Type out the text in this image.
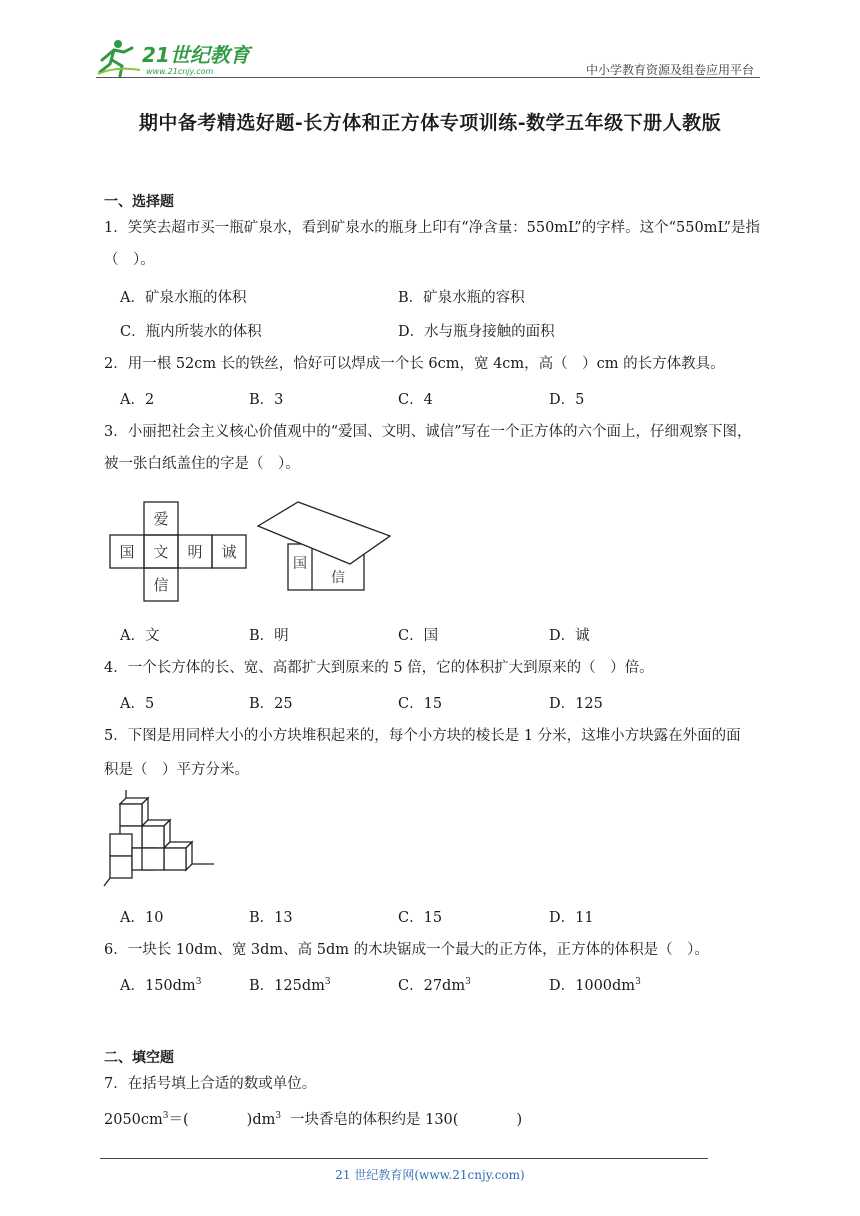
21世纪教育
www.21cnjy.com	中小学教育资源及组卷应用平台
期中备考精选好题-长方体和正方体专项训练-数学五年级下册人教版
一、选择题
1．笑笑去超市买一瓶矿泉水，看到矿泉水的瓶身上印有“净含量：550mL”的字样。这个“550mL”是指
（　）。
A．矿泉水瓶的体积	B．矿泉水瓶的容积
C．瓶内所装水的体积	D．水与瓶身接触的面积
2．用一根 52cm 长的铁丝，恰好可以焊成一个长 6cm，宽 4cm，高（　）cm 的长方体教具。
A．2	B．3	C．4	D．5
3．小丽把社会主义核心价值观中的“爱国、文明、诚信”写在一个正方体的六个面上，仔细观察下图，
被一张白纸盖住的字是（　）。
爱
国 文 明 诚
信
国
信
A．文	B．明	C．国	D．诚
4．一个长方体的长、宽、高都扩大到原来的 5 倍，它的体积扩大到原来的（　）倍。
A．5	B．25	C．15	D．125
5．下图是用同样大小的小方块堆积起来的，每个小方块的棱长是 1 分米，这堆小方块露在外面的面
积是（　）平方分米。
A．10	B．13	C．15	D．11
6．一块长 10dm、宽 3dm、高 5dm 的木块锯成一个最大的正方体，正方体的体积是（　）。
A．$150dm^3$	B．$125dm^3$	C．$27dm^3$	D．$1000dm^3$
二、填空题
7．在括号填上合适的数或单位。
$2050cm^3=$(　　　　)$dm^3$ 一块香皂的体积约是 130(　　　　)
21 世纪教育网(www.21cnjy.com)
